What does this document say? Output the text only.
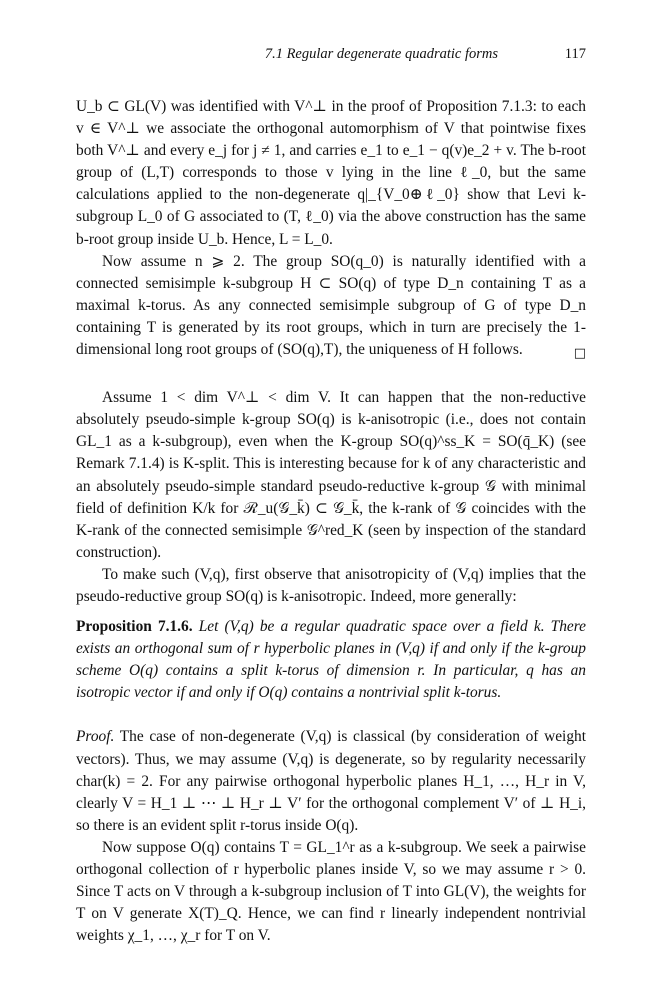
7.1 Regular degenerate quadratic forms	117

U_b ⊂ GL(V) was identified with V^⊥ in the proof of Proposition 7.1.3: to each v ∈ V^⊥ we associate the orthogonal automorphism of V that pointwise fixes both V^⊥ and every e_j for j ≠ 1, and carries e_1 to e_1 − q(v)e_2 + v. The b-root group of (L,T) corresponds to those v lying in the line ℓ_0, but the same calculations applied to the non-degenerate q|_{V_0⊕ℓ_0} show that Levi k-subgroup L_0 of G associated to (T, ℓ_0) via the above construction has the same b-root group inside U_b. Hence, L = L_0.

Now assume n ⩾ 2. The group SO(q_0) is naturally identified with a connected semisimple k-subgroup H ⊂ SO(q) of type D_n containing T as a maximal k-torus. As any connected semisimple subgroup of G of type D_n containing T is generated by its root groups, which in turn are precisely the 1-dimensional long root groups of (SO(q),T), the uniqueness of H follows.	□

Assume 1 < dim V^⊥ < dim V. It can happen that the non-reductive absolutely pseudo-simple k-group SO(q) is k-anisotropic (i.e., does not contain GL_1 as a k-subgroup), even when the K-group SO(q)^ss_K = SO(q̄_K) (see Remark 7.1.4) is K-split. This is interesting because for k of any characteristic and an absolutely pseudo-simple standard pseudo-reductive k-group 𝒢 with minimal field of definition K/k for ℛ_u(𝒢_k̄) ⊂ 𝒢_k̄, the k-rank of 𝒢 coincides with the K-rank of the connected semisimple 𝒢^red_K (seen by inspection of the standard construction).

To make such (V,q), first observe that anisotropicity of (V,q) implies that the pseudo-reductive group SO(q) is k-anisotropic. Indeed, more generally:

Proposition 7.1.6. Let (V,q) be a regular quadratic space over a field k. There exists an orthogonal sum of r hyperbolic planes in (V,q) if and only if the k-group scheme O(q) contains a split k-torus of dimension r. In particular, q has an isotropic vector if and only if O(q) contains a nontrivial split k-torus.

Proof. The case of non-degenerate (V,q) is classical (by consideration of weight vectors). Thus, we may assume (V,q) is degenerate, so by regularity necessarily char(k) = 2. For any pairwise orthogonal hyperbolic planes H_1, …, H_r in V, clearly V = H_1 ⊥ ⋯ ⊥ H_r ⊥ V′ for the orthogonal complement V′ of ⊥ H_i, so there is an evident split r-torus inside O(q).

Now suppose O(q) contains T = GL_1^r as a k-subgroup. We seek a pairwise orthogonal collection of r hyperbolic planes inside V, so we may assume r > 0. Since T acts on V through a k-subgroup inclusion of T into GL(V), the weights for T on V generate X(T)_Q. Hence, we can find r linearly independent nontrivial weights χ_1, …, χ_r for T on V.
